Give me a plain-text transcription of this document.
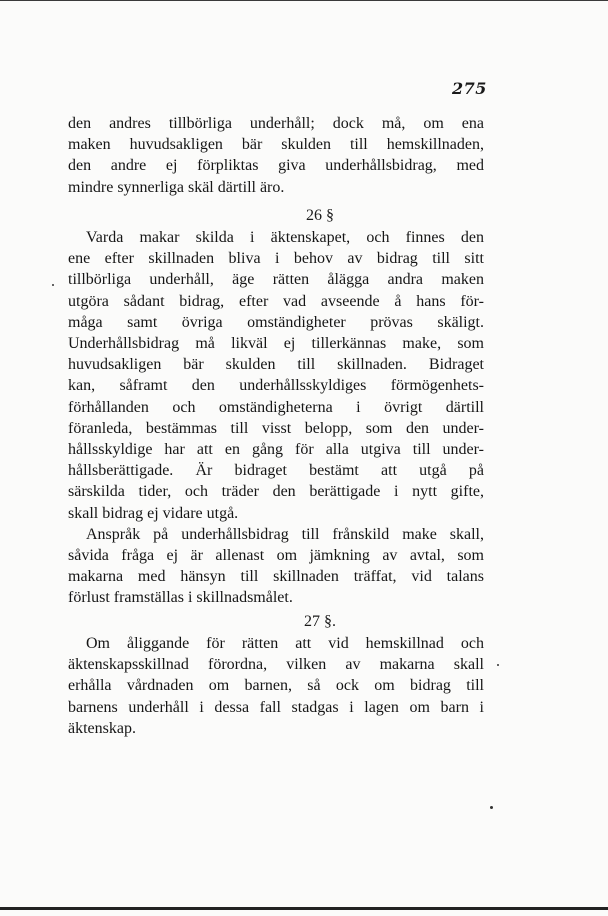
275
den andres tillbörliga underhåll; dock må, om ena
maken huvudsakligen bär skulden till hemskillnaden,
den andre ej förpliktas giva underhållsbidrag, med
mindre synnerliga skäl därtill äro.
26 §
Varda makar skilda i äktenskapet, och finnes den
ene efter skillnaden bliva i behov av bidrag till sitt
tillbörliga underhåll, äge rätten ålägga andra maken
utgöra sådant bidrag, efter vad avseende å hans för-
måga samt övriga omständigheter prövas skäligt.
Underhållsbidrag må likväl ej tillerkännas make, som
huvudsakligen bär skulden till skillnaden. Bidraget
kan, såframt den underhållsskyldiges förmögenhets-
förhållanden och omständigheterna i övrigt därtill
föranleda, bestämmas till visst belopp, som den under-
hållsskyldige har att en gång för alla utgiva till under-
hållsberättigade. Är bidraget bestämt att utgå på
särskilda tider, och träder den berättigade i nytt gifte,
skall bidrag ej vidare utgå.
Anspråk på underhållsbidrag till frånskild make skall,
såvida fråga ej är allenast om jämkning av avtal, som
makarna med hänsyn till skillnaden träffat, vid talans
förlust framställas i skillnadsmålet.
27 §.
Om åliggande för rätten att vid hemskillnad och
äktenskapsskillnad förordna, vilken av makarna skall
erhålla vårdnaden om barnen, så ock om bidrag till
barnens underhåll i dessa fall stadgas i lagen om barn i
äktenskap.
